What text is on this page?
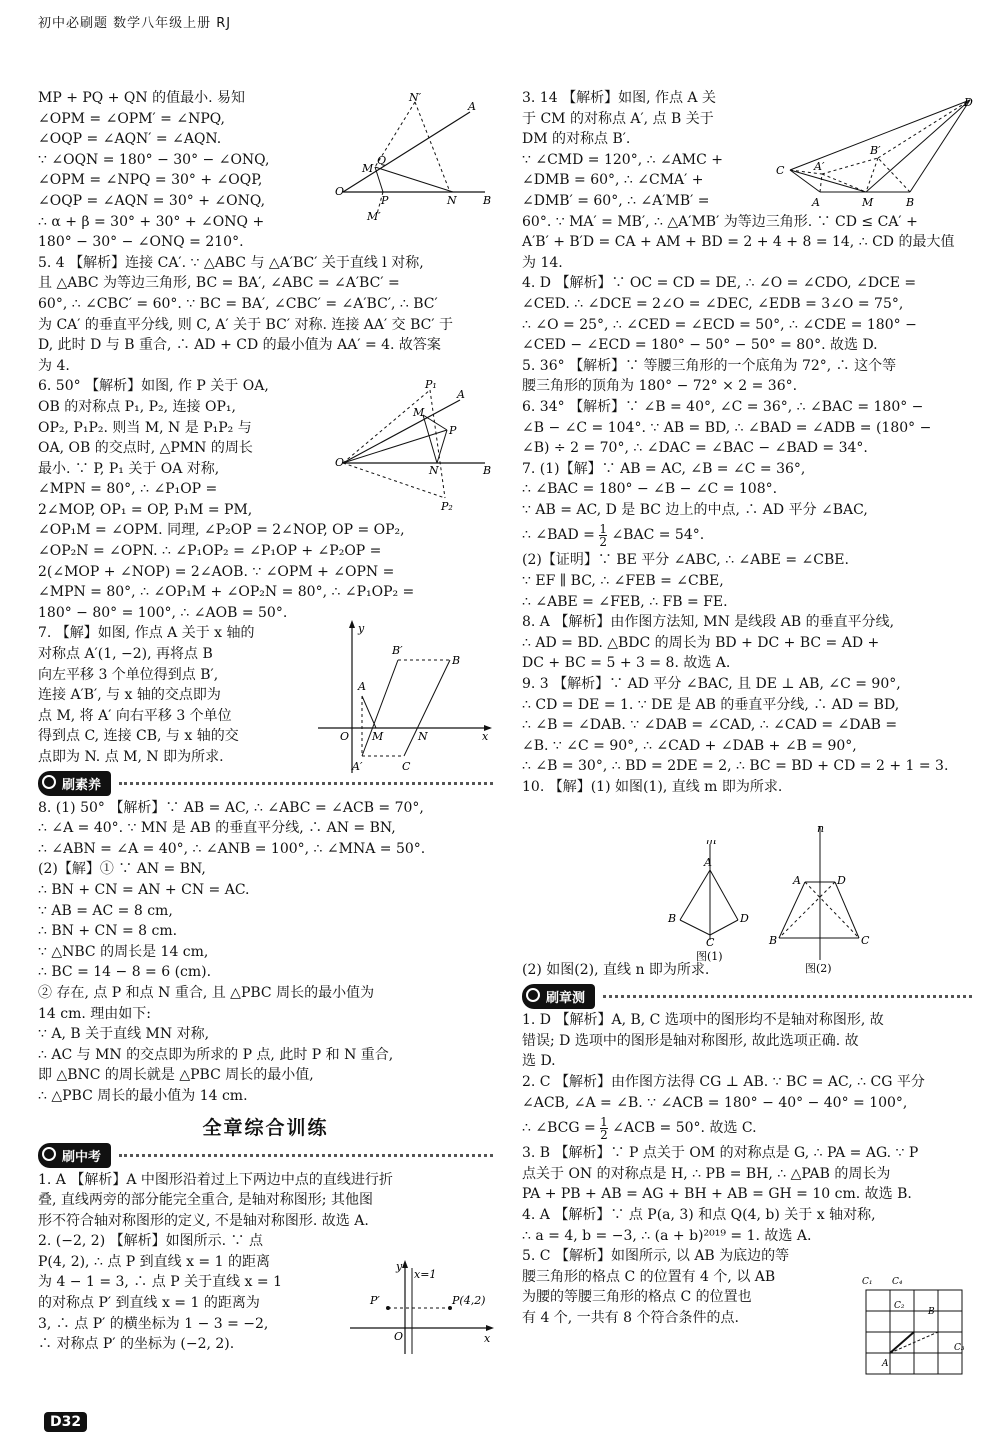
初中必刷题 数学八年级上册 RJ

MP + PQ + QN 的值最小. 易知

∠OPM = ∠OPM′ = ∠NPQ,

∠OQP = ∠AQN′ = ∠AQN.

∵ ∠OQN = 180° − 30° − ∠ONQ,

∠OPM = ∠NPQ = 30° + ∠OQP,

∠OQP = ∠AQN = 30° + ∠ONQ,

∴ α + β = 30° + 30° + ∠ONQ +

180° − 30° − ∠ONQ = 210°.

5. 4 【解析】连接 CA′. ∵ △ABC 与 △A′BC′ 关于直线 l 对称,

且 △ABC 为等边三角形, BC = BA′, ∠ABC = ∠A′BC′ =

60°, ∴ ∠CBC′ = 60°. ∵ BC = BA′, ∠CBC′ = ∠A′BC′, ∴ BC′

为 CA′ 的垂直平分线, 则 C, A′ 关于 BC′ 对称. 连接 AA′ 交 BC′ 于

D, 此时 D 与 B 重合, ∴ AD + CD 的最小值为 AA′ = 4. 故答案

为 4.

6. 50° 【解析】如图, 作 P 关于 OA,

OB 的对称点 P₁, P₂, 连接 OP₁,

OP₂, P₁P₂. 则当 M, N 是 P₁P₂ 与

OA, OB 的交点时, △PMN 的周长

最小. ∵ P, P₁ 关于 OA 对称,

∠MPN = 80°, ∴ ∠P₁OP =

2∠MOP, OP₁ = OP, P₁M = PM,

∠OP₁M = ∠OPM. 同理, ∠P₂OP = 2∠NOP, OP = OP₂,

∠OP₂N = ∠OPN. ∴ ∠P₁OP₂ = ∠P₁OP + ∠P₂OP =

2(∠MOP + ∠NOP) = 2∠AOB. ∵ ∠OPM + ∠OPN =

∠MPN = 80°, ∴ ∠OP₁M + ∠OP₂N = 80°, ∴ ∠P₁OP₂ =

180° − 80° = 100°, ∴ ∠AOB = 50°.

7. 【解】如图, 作点 A 关于 x 轴的

对称点 A′(1, −2), 再将点 B

向左平移 3 个单位得到点 B′,

连接 A′B′, 与 x 轴的交点即为

点 M, 将 A′ 向右平移 3 个单位

得到点 C, 连接 CB, 与 x 轴的交

点即为 N. 点 M, N 即为所求.

刷素养

8. (1) 50° 【解析】∵ AB = AC, ∴ ∠ABC = ∠ACB = 70°,

∴ ∠A = 40°. ∵ MN 是 AB 的垂直平分线, ∴ AN = BN,

∴ ∠ABN = ∠A = 40°, ∴ ∠ANB = 100°, ∴ ∠MNA = 50°.

(2)【解】① ∵ AN = BN,

∴ BN + CN = AN + CN = AC.

∵ AB = AC = 8 cm,

∴ BN + CN = 8 cm.

∵ △NBC 的周长是 14 cm,

∴ BC = 14 − 8 = 6 (cm).

② 存在, 点 P 和点 N 重合, 且 △PBC 周长的最小值为

14 cm. 理由如下:

∵ A, B 关于直线 MN 对称,

∴ AC 与 MN 的交点即为所求的 P 点, 此时 P 和 N 重合,

即 △BNC 的周长就是 △PBC 周长的最小值,

∴ △PBC 周长的最小值为 14 cm.

全章综合训练
刷中考

1. A 【解析】A 中图形沿着过上下两边中点的直线进行折

叠, 直线两旁的部分能完全重合, 是轴对称图形; 其他图

形不符合轴对称图形的定义, 不是轴对称图形. 故选 A.

2. (−2, 2) 【解析】如图所示. ∵ 点

P(4, 2), ∴ 点 P 到直线 x = 1 的距离

为 4 − 1 = 3, ∴ 点 P 关于直线 x = 1

的对称点 P′ 到直线 x = 1 的距离为

3, ∴ 点 P′ 的横坐标为 1 − 3 = −2,

∴ 对称点 P′ 的坐标为 (−2, 2).

N′
A
M
Q
O
P	N B
M′
P₁
A
M
P
O
N	B
P₂
y
B′
B
A
O M	N	x
A′	C
y
x=1
P′	P(4,2)
O	x

3. 14 【解析】如图, 作点 A 关

于 CM 的对称点 A′, 点 B 关于

DM 的对称点 B′.

∵ ∠CMD = 120°, ∴ ∠AMC +

∠DMB = 60°, ∴ ∠CMA′ +

∠DMB′ = 60°, ∴ ∠A′MB′ =

60°. ∵ MA′ = MB′, ∴ △A′MB′ 为等边三角形. ∵ CD ≤ CA′ +

A′B′ + B′D = CA + AM + BD = 2 + 4 + 8 = 14, ∴ CD 的最大值

为 14.

4. D 【解析】∵ OC = CD = DE, ∴ ∠O = ∠CDO, ∠DCE =

∠CED. ∴ ∠DCE = 2∠O = ∠DEC, ∠EDB = 3∠O = 75°,

∴ ∠O = 25°, ∴ ∠CED = ∠ECD = 50°, ∴ ∠CDE = 180° −

∠CED − ∠ECD = 180° − 50° − 50° = 80°. 故选 D.

5. 36° 【解析】∵ 等腰三角形的一个底角为 72°, ∴ 这个等

腰三角形的顶角为 180° − 72° × 2 = 36°.

6. 34° 【解析】∵ ∠B = 40°, ∠C = 36°, ∴ ∠BAC = 180° −

∠B − ∠C = 104°. ∵ AB = BD, ∴ ∠BAD = ∠ADB = (180° −

∠B) ÷ 2 = 70°, ∴ ∠DAC = ∠BAC − ∠BAD = 34°.

7. (1)【解】∵ AB = AC, ∠B = ∠C = 36°,

∴ ∠BAC = 180° − ∠B − ∠C = 108°.

∵ AB = AC, D 是 BC 边上的中点, ∴ AD 平分 ∠BAC,

∴ ∠BAD = $\frac{1}{2}$ ∠BAC = 54°.

(2)【证明】∵ BE 平分 ∠ABC, ∴ ∠ABE = ∠CBE.

∵ EF ∥ BC, ∴ ∠FEB = ∠CBE,

∴ ∠ABE = ∠FEB, ∴ FB = FE.

8. A 【解析】由作图方法知, MN 是线段 AB 的垂直平分线,

∴ AD = BD. △BDC 的周长为 BD + DC + BC = AD +

DC + BC = 5 + 3 = 8. 故选 A.

9. 3 【解析】∵ AD 平分 ∠BAC, 且 DE ⊥ AB, ∠C = 90°,

∴ CD = DE = 1. ∵ DE 是 AB 的垂直平分线, ∴ AD = BD,

∴ ∠B = ∠DAB. ∵ ∠DAB = ∠CAD, ∴ ∠CAD = ∠DAB =

∠B. ∵ ∠C = 90°, ∴ ∠CAD + ∠DAB + ∠B = 90°,

∴ ∠B = 30°, ∴ BD = 2DE = 2, ∴ BC = BD + CD = 2 + 1 = 3.

10. 【解】(1) 如图(1), 直线 m 即为所求.

(2) 如图(2), 直线 n 即为所求.

刷章测

1. D 【解析】A, B, C 选项中的图形均不是轴对称图形, 故

错误; D 选项中的图形是轴对称图形, 故此选项正确. 故

选 D.

2. C 【解析】由作图方法得 CG ⊥ AB. ∵ BC = AC, ∴ CG 平分

∠ACB, ∠A = ∠B. ∵ ∠ACB = 180° − 40° − 40° = 100°,

∴ ∠BCG = $\frac{1}{2}$ ∠ACB = 50°. 故选 C.

3. B 【解析】∵ P 点关于 OM 的对称点是 G, ∴ PA = AG. ∵ P

点关于 ON 的对称点是 H, ∴ PB = BH, ∴ △PAB 的周长为

PA + PB + AB = AG + BH + AB = GH = 10 cm. 故选 B.

4. A 【解析】∵ 点 P(a, 3) 和点 Q(4, b) 关于 x 轴对称,

∴ a = 4, b = −3, ∴ (a + b)²⁰¹⁹ = 1. 故选 A.

5. C 【解析】如图所示, 以 AB 为底边的等

腰三角形的格点 C 的位置有 4 个, 以 AB

为腰的等腰三角形的格点 C 的位置也

有 4 个, 一共有 8 个符合条件的点.

D
B′
A′
C
A	M	B
m
A
B	D
C
图(1)
n
A	D
B	C
图(2)
C₁
C₂
B
C₃
A
C₄
D32
